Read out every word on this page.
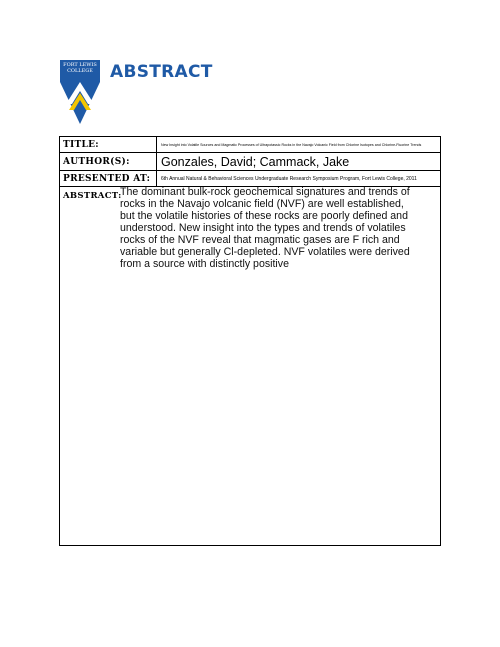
FORT LEWIS COLLEGE ABSTRACT
TITLE:	New Insight into Volatile Sources and Magmatic Processes of Ultrapotassic Rocks in the Navajo Volcanic Field from Chlorine Isotopes and Chlorine-Fluorine Trends
AUTHOR(S):	Gonzales, David; Cammack, Jake
PRESENTED AT:	6th Annual Natural & Behavioral Sciences Undergraduate Research Symposium Program, Fort Lewis College, 2011
ABSTRACT:
The dominant bulk-rock geochemical signatures and trends of rocks in the Navajo volcanic field (NVF) are well established, but the volatile histories of these rocks are poorly defined and understood. New insight into the types and trends of volatiles rocks of the NVF reveal that magmatic gases are F rich and variable but generally Cl-depleted. NVF volatiles were derived from a source with distinctly positive
